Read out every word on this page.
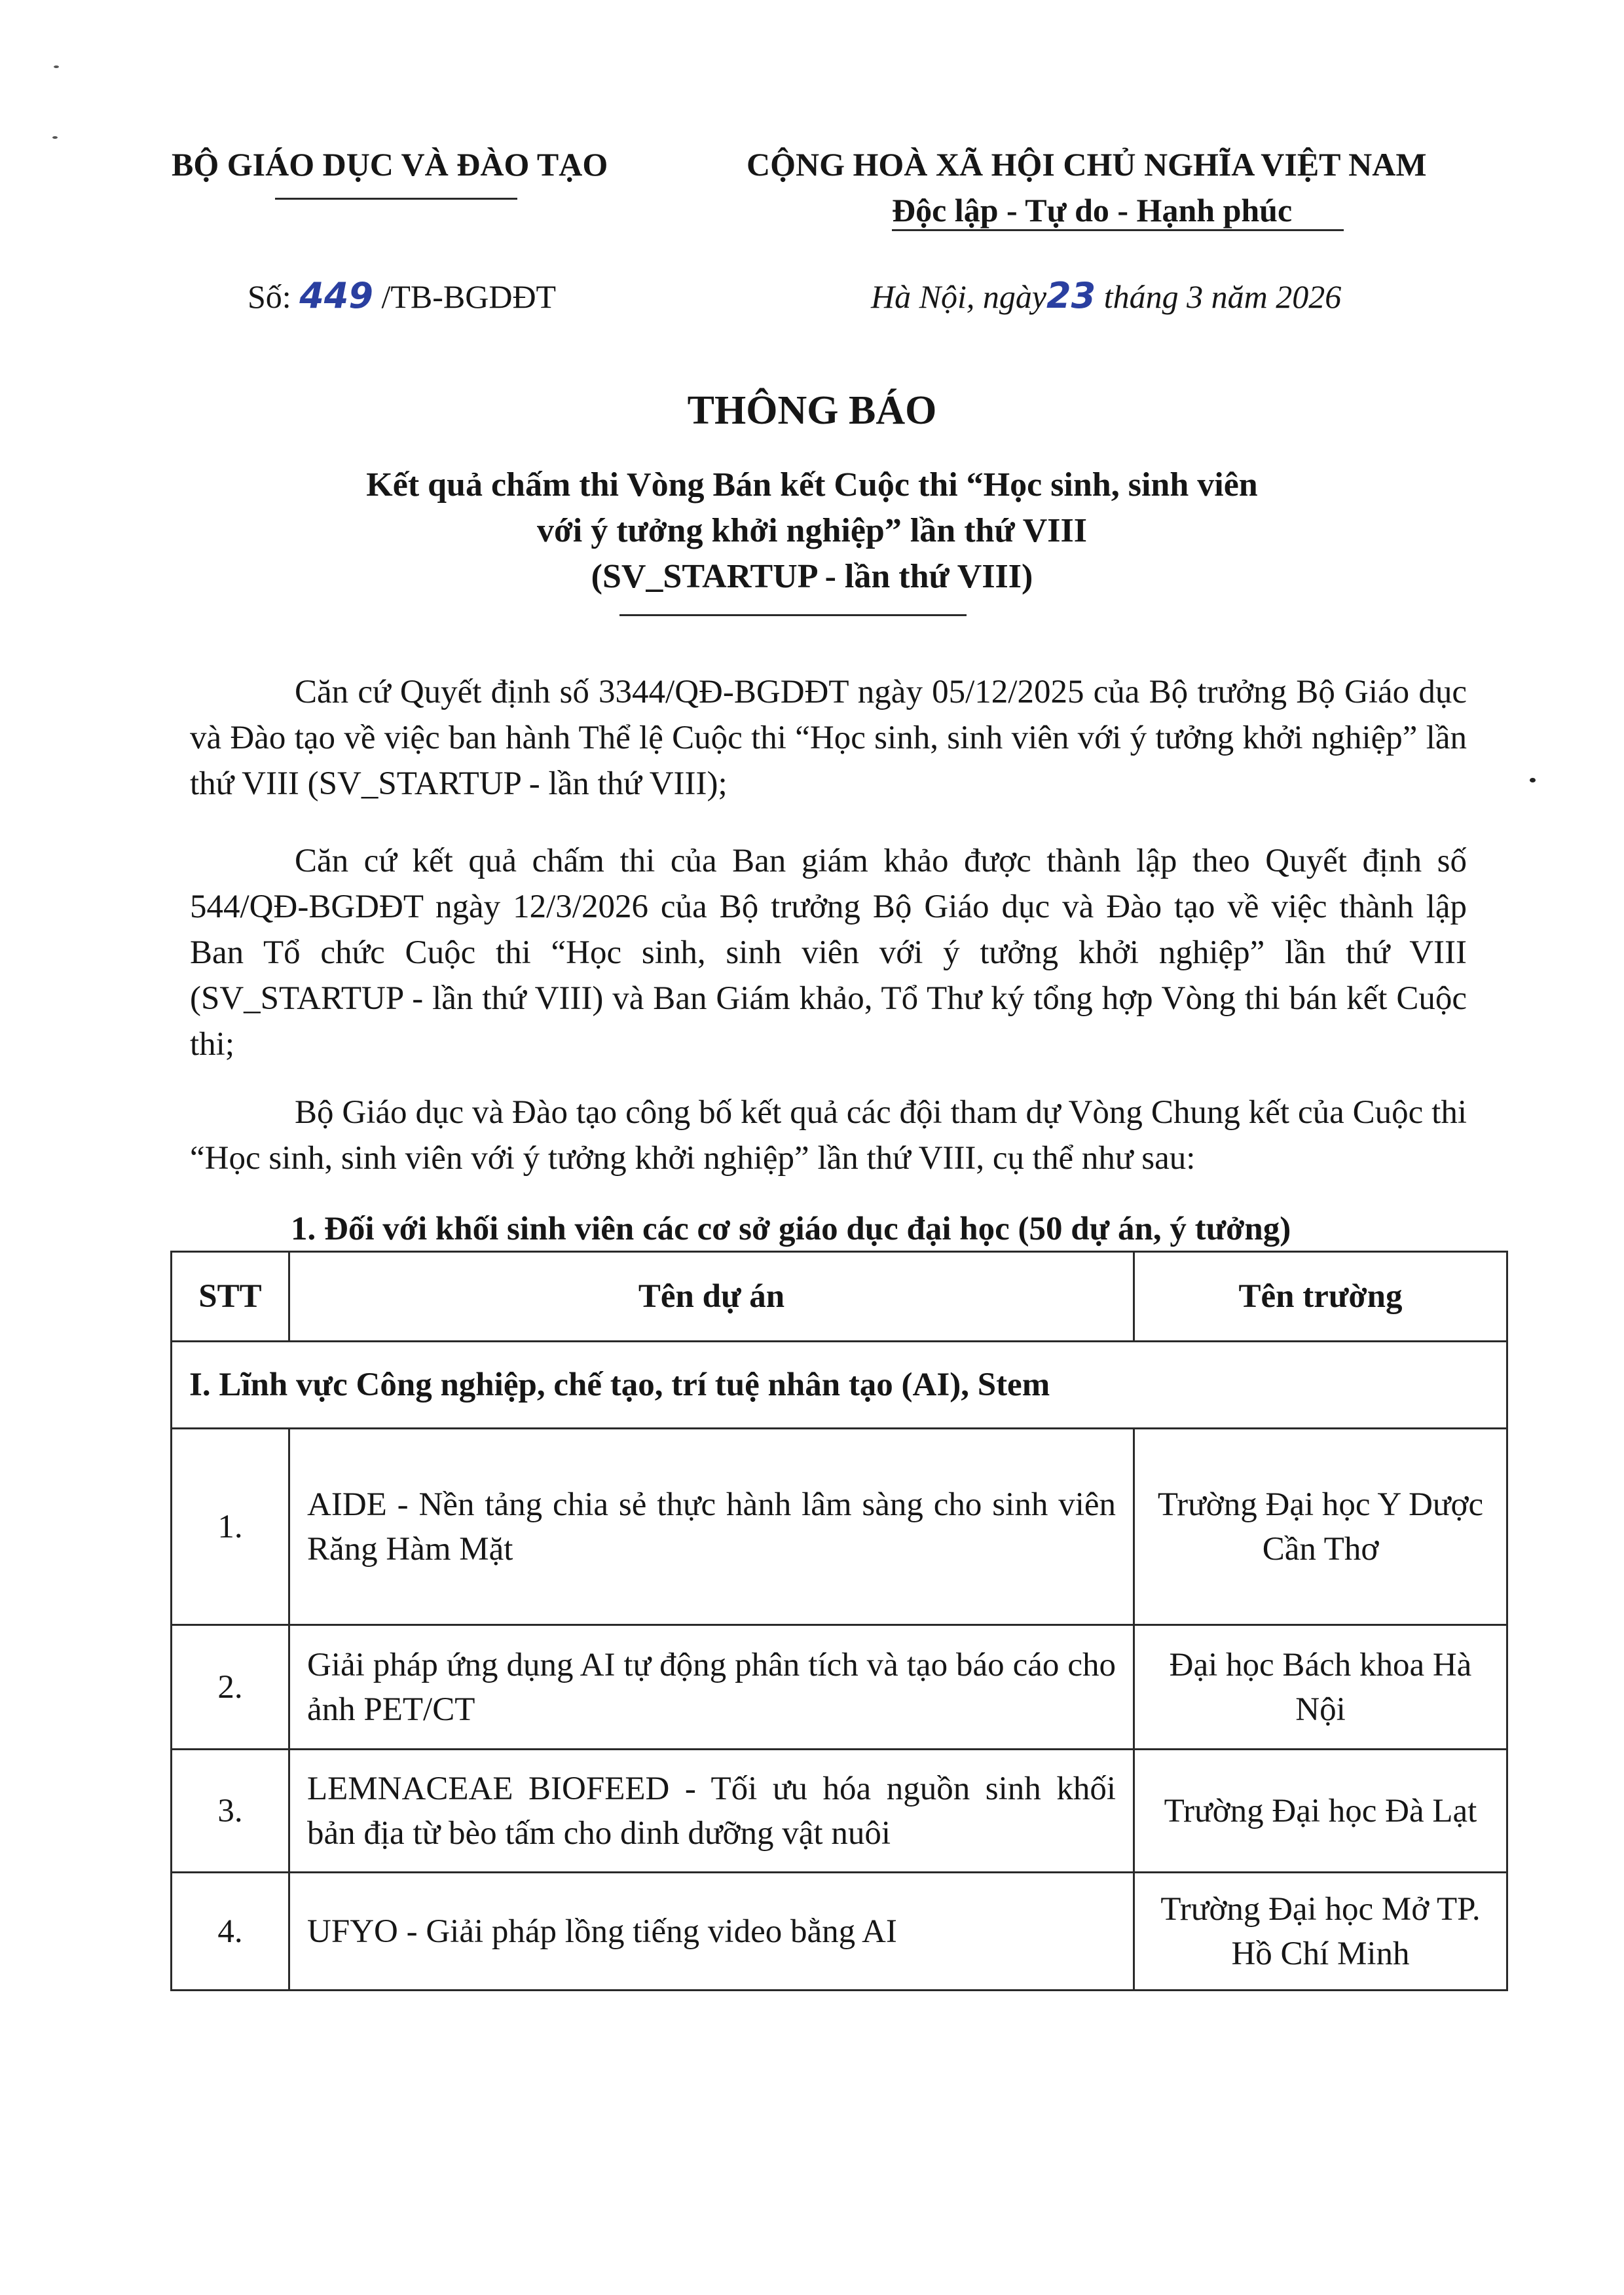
BỘ GIÁO DỤC VÀ ĐÀO TẠO	CỘNG HOÀ XÃ HỘI CHỦ NGHĨA VIỆT NAM
Độc lập - Tự do - Hạnh phúc
Số: 449 /TB-BGDĐT	Hà Nội, ngày23 tháng 3 năm 2026
THÔNG BÁO
Kết quả chấm thi Vòng Bán kết Cuộc thi “Học sinh, sinh viên
với ý tưởng khởi nghiệp” lần thứ VIII
(SV_STARTUP - lần thứ VIII)
Căn cứ Quyết định số 3344/QĐ-BGDĐT ngày 05/12/2025 của Bộ trưởng Bộ Giáo dục và Đào tạo về việc ban hành Thể lệ Cuộc thi “Học sinh, sinh viên với ý tưởng khởi nghiệp” lần thứ VIII (SV_STARTUP - lần thứ VIII);
Căn cứ kết quả chấm thi của Ban giám khảo được thành lập theo Quyết định số 544/QĐ-BGDĐT ngày 12/3/2026 của Bộ trưởng Bộ Giáo dục và Đào tạo về việc thành lập Ban Tổ chức Cuộc thi “Học sinh, sinh viên với ý tưởng khởi nghiệp” lần thứ VIII (SV_STARTUP - lần thứ VIII) và Ban Giám khảo, Tổ Thư ký tổng hợp Vòng thi bán kết Cuộc thi;
Bộ Giáo dục và Đào tạo công bố kết quả các đội tham dự Vòng Chung kết của Cuộc thi “Học sinh, sinh viên với ý tưởng khởi nghiệp” lần thứ VIII, cụ thể như sau:
1. Đối với khối sinh viên các cơ sở giáo dục đại học (50 dự án, ý tưởng)
STT	Tên dự án	Tên trường
I. Lĩnh vực Công nghiệp, chế tạo, trí tuệ nhân tạo (AI), Stem		
1.	AIDE - Nền tảng chia sẻ thực hành lâm sàng cho sinh viên Răng Hàm Mặt	Trường Đại học Y Dược Cần Thơ
2.	Giải pháp ứng dụng AI tự động phân tích và tạo báo cáo cho ảnh PET/CT	Đại học Bách khoa Hà Nội
3.	LEMNACEAE BIOFEED - Tối ưu hóa nguồn sinh khối bản địa từ bèo tấm cho dinh dưỡng vật nuôi	Trường Đại học Đà Lạt
4.	UFYO - Giải pháp lồng tiếng video bằng AI	Trường Đại học Mở TP. Hồ Chí Minh
